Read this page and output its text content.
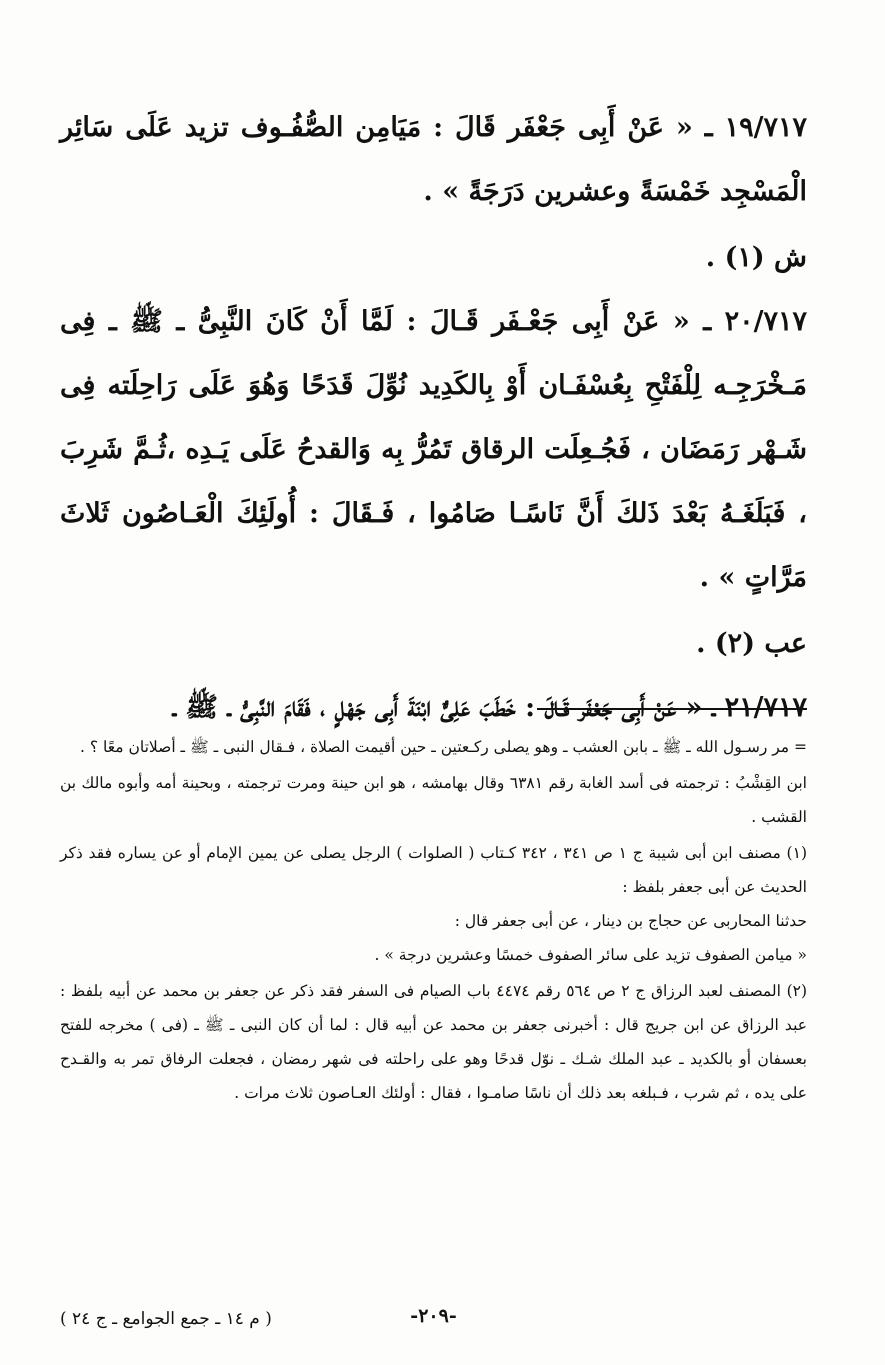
١٩/٧١٧ ـ « عَنْ أَبِى جَعْفَر قَالَ : مَيَامِن الصُّفُـوف تزيد عَلَى سَائِر الْمَسْجِد خَمْسَةً وعشرين دَرَجَةً » .

ش (١) .

٢٠/٧١٧ ـ « عَنْ أَبِى جَعْـفَر قَـالَ : لَمَّا أَنْ كَانَ النَّبِىُّ ـ ﷺ ـ فِى مَـخْرَجِـه لِلْفَتْحِ بِعُسْفَـان أَوْ بِالكَدِيد نُوِّلَ قَدَحًا وَهُوَ عَلَى رَاحِلَته فِى شَـهْر رَمَضَان ، فَجُـعِلَت الرقاق تَمُرُّ بِه وَالقدحُ عَلَى يَـدِه ،ثُـمَّ شَرِبَ ، فَبَلَغَـهُ بَعْدَ ذَلكَ أَنَّ نَاسًـا صَامُوا ، فَـقَالَ : أُولَئِكَ الْعَـاصُون ثَلاثَ مَرَّاتٍ » .

عب (٢) .

٢١/٧١٧ ـ « عَنْ أَبِى جَعْفَر قَـالَ : خَطَبَ عَلِىٌّ ابْنَةَ أَبِى جَهْلٍ ، فَقَامَ النَّبِىُّ ـ ﷺ ـ

= مر رسـول الله ـ ﷺ ـ بابن العشب ـ وهو يصلى ركـعتين ـ حين أقيمت الصلاة ، فـقال النبى ـ ﷺ ـ أصلاتان معًا ؟ .

ابن القِشْبُ : ترجمته فى أسد الغابة رقم ٦٣٨١ وقال بهامشه ، هو ابن حينة ومرت ترجمته ، وبحينة أمه وأبوه مالك بن القشب .

(١) مصنف ابن أبى شيبة ج ١ ص ٣٤١ ، ٣٤٢ كـتاب ( الصلوات ) الرجل يصلى عن يمين الإمام أو عن يساره فقد ذكر الحديث عن أبى جعفر بلفظ :

حدثنا المحاربى عن حجاج بن دينار ، عن أبى جعفر قال :

« ميامن الصفوف تزيد على سائر الصفوف خمسًا وعشرين درجة » .

(٢) المصنف لعبد الرزاق ج ٢ ص ٥٦٤ رقم ٤٤٧٤ باب الصيام فى السفر فقد ذكر عن جعفر بن محمد عن أبيه بلفظ : عبد الرزاق عن ابن جريج قال : أخبرنى جعفر بن محمد عن أبيه قال : لما أن كان النبى ـ ﷺ ـ (فى ) مخرجه للفتح بعسفان أو بالكديد ـ عبد الملك شـك ـ نوّل قدحًا وهو على راحلته فى شهر رمضان ، فجعلت الرفاق تمر به والقـدح على يده ، ثم شرب ، فـبلغه بعد ذلك أن ناسًا صامـوا ، فقال : أولئك العـاصون ثلاث مرات .

-٢٠٩-
( م ١٤ ـ جمع الجوامع ـ ج ٢٤ )
